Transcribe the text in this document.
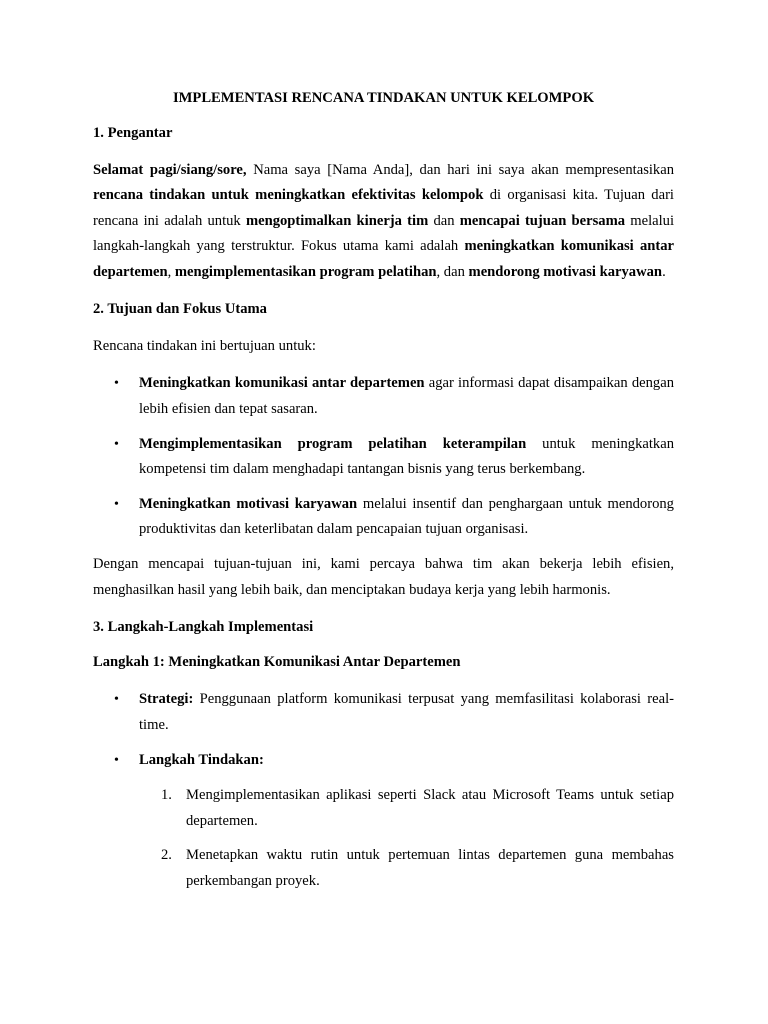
IMPLEMENTASI RENCANA TINDAKAN UNTUK KELOMPOK
1. Pengantar

Selamat pagi/siang/sore, Nama saya [Nama Anda], dan hari ini saya akan mempresentasikan rencana tindakan untuk meningkatkan efektivitas kelompok di organisasi kita. Tujuan dari rencana ini adalah untuk mengoptimalkan kinerja tim dan mencapai tujuan bersama melalui langkah-langkah yang terstruktur. Fokus utama kami adalah meningkatkan komunikasi antar departemen, mengimplementasikan program pelatihan, dan mendorong motivasi karyawan.

2. Tujuan dan Fokus Utama

Rencana tindakan ini bertujuan untuk:

• Meningkatkan komunikasi antar departemen agar informasi dapat disampaikan dengan lebih efisien dan tepat sasaran.
• Mengimplementasikan program pelatihan keterampilan untuk meningkatkan kompetensi tim dalam menghadapi tantangan bisnis yang terus berkembang.
• Meningkatkan motivasi karyawan melalui insentif dan penghargaan untuk mendorong produktivitas dan keterlibatan dalam pencapaian tujuan organisasi.

Dengan mencapai tujuan-tujuan ini, kami percaya bahwa tim akan bekerja lebih efisien, menghasilkan hasil yang lebih baik, dan menciptakan budaya kerja yang lebih harmonis.

3. Langkah-Langkah Implementasi
Langkah 1: Meningkatkan Komunikasi Antar Departemen
• Strategi: Penggunaan platform komunikasi terpusat yang memfasilitasi kolaborasi real-time.
• Langkah Tindakan:
1. Mengimplementasikan aplikasi seperti Slack atau Microsoft Teams untuk setiap departemen.
2. Menetapkan waktu rutin untuk pertemuan lintas departemen guna membahas perkembangan proyek.
